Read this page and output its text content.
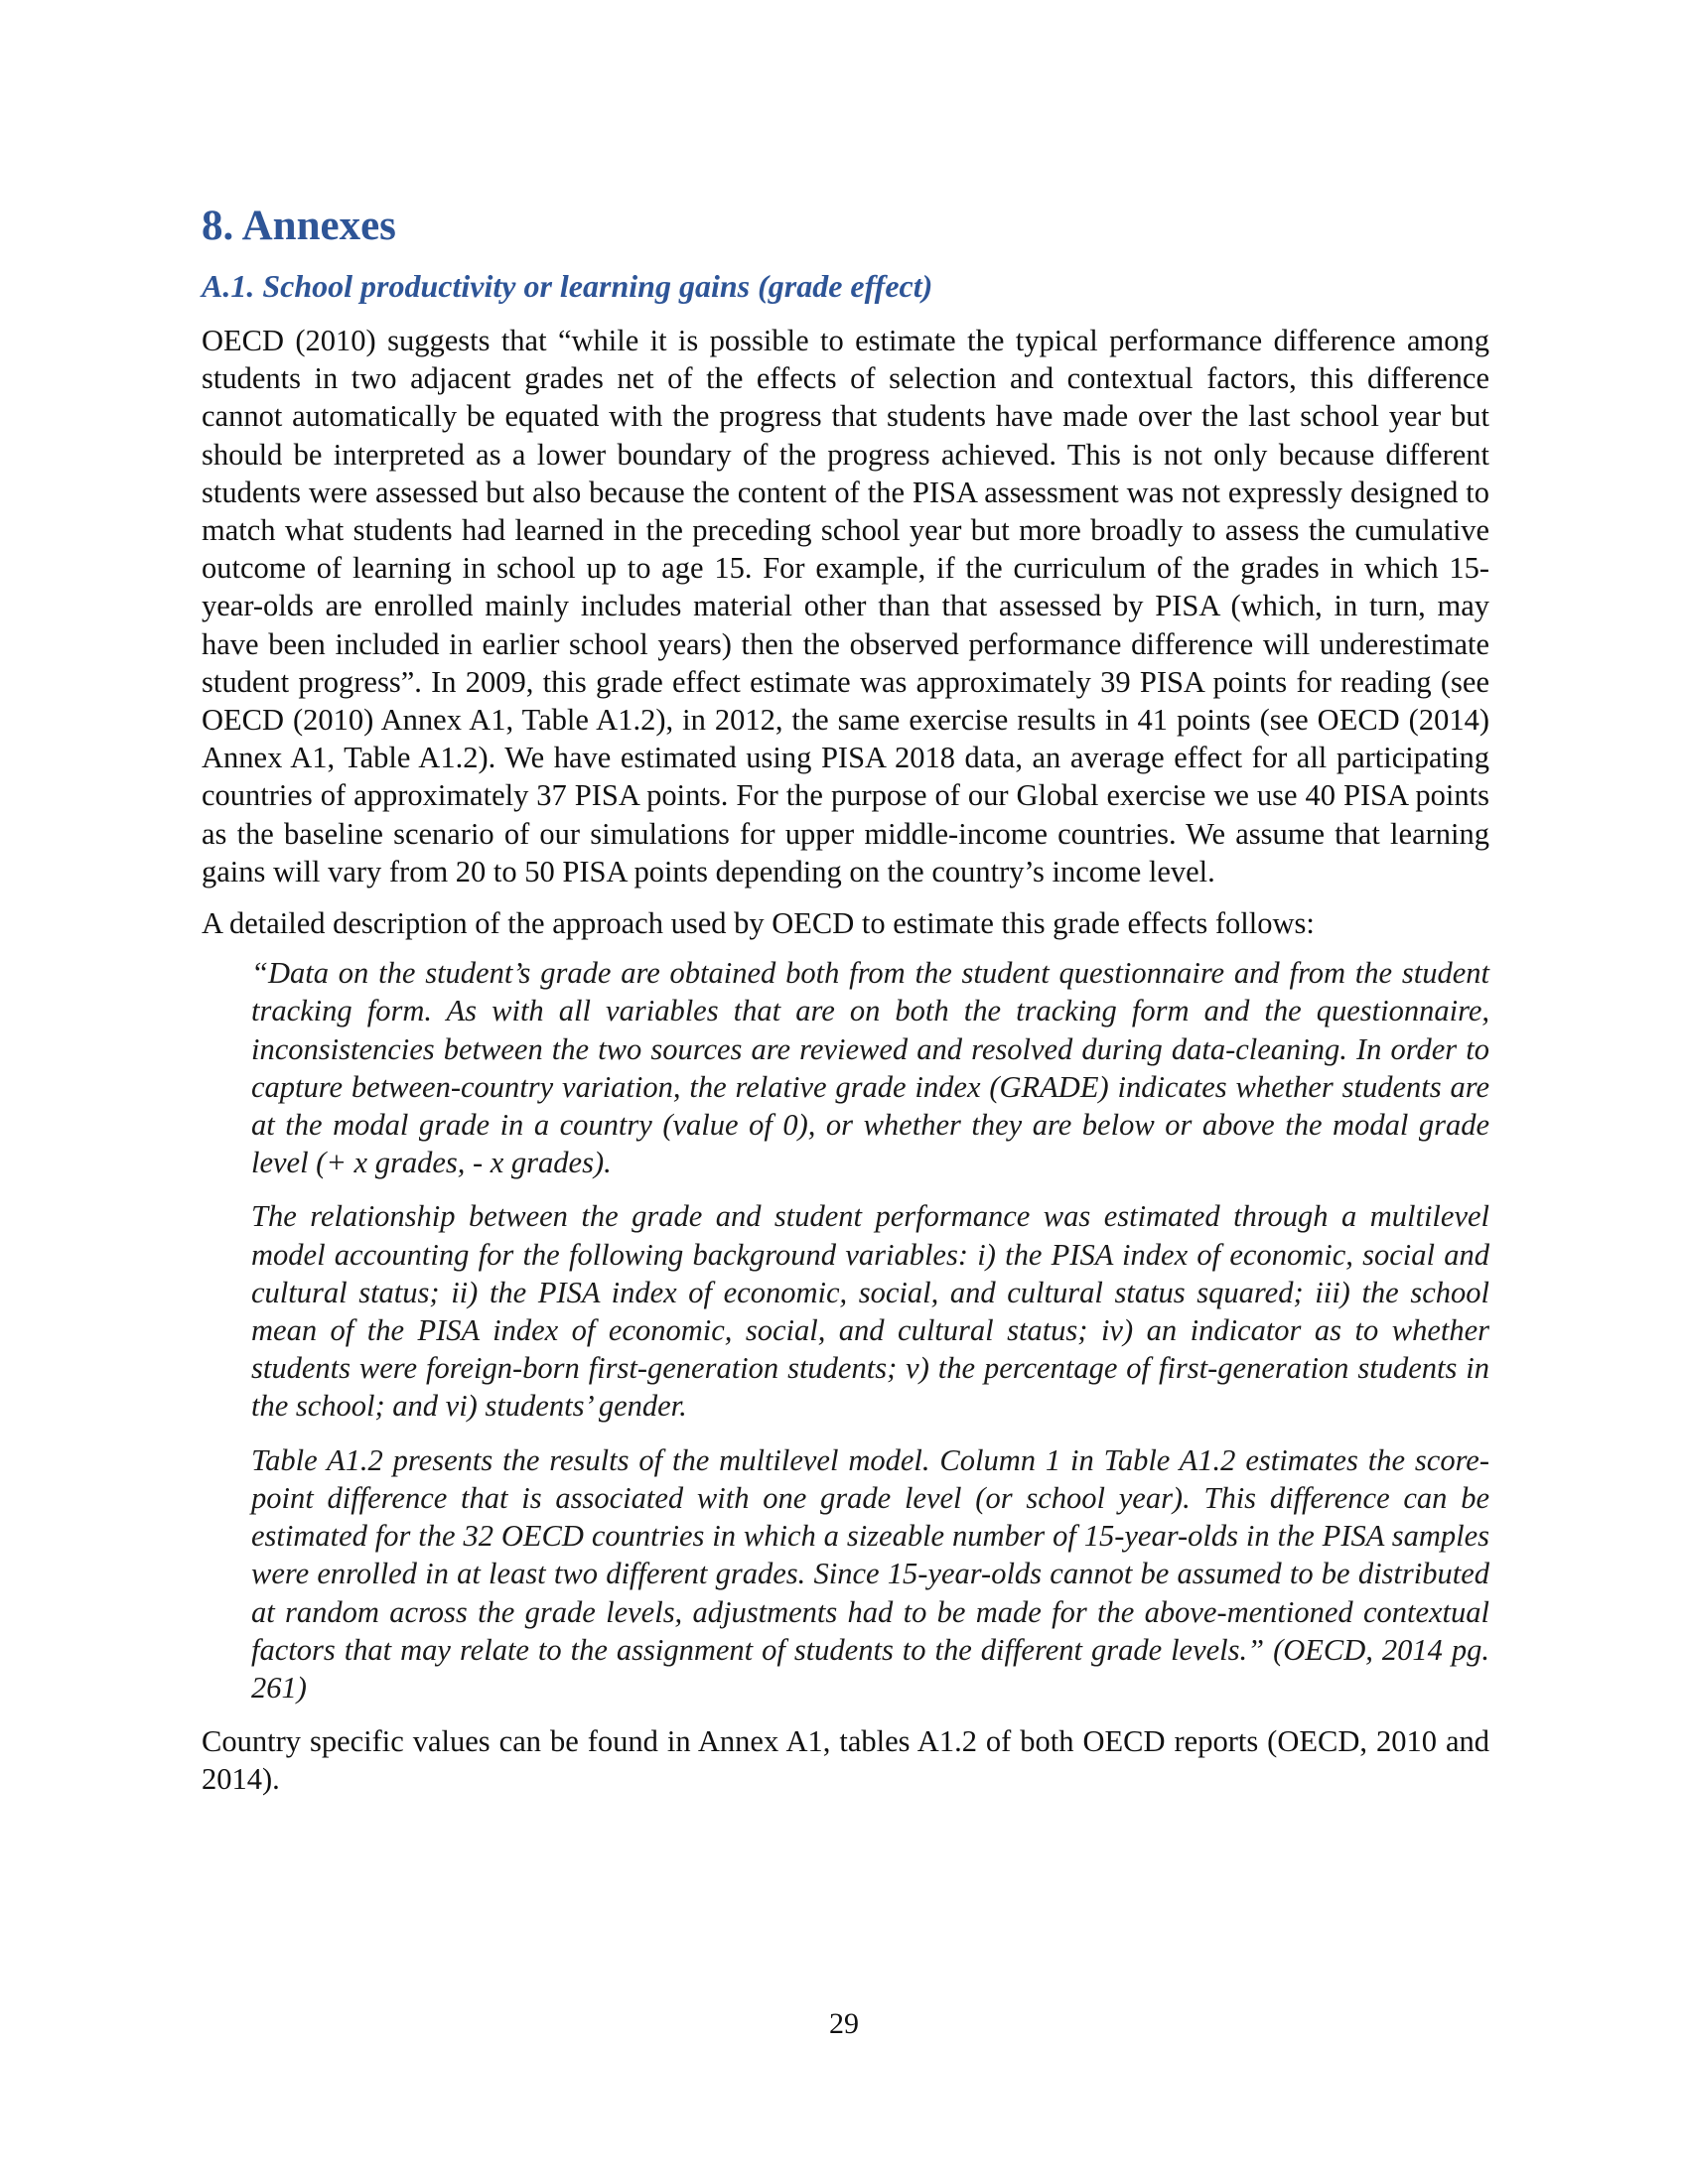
8. Annexes
A.1. School productivity or learning gains (grade effect)

OECD (2010) suggests that “while it is possible to estimate the typical performance difference among students in two adjacent grades net of the effects of selection and contextual factors, this difference cannot automatically be equated with the progress that students have made over the last school year but should be interpreted as a lower boundary of the progress achieved. This is not only because different students were assessed but also because the content of the PISA assessment was not expressly designed to match what students had learned in the preceding school year but more broadly to assess the cumulative outcome of learning in school up to age 15. For example, if the curriculum of the grades in which 15-year-olds are enrolled mainly includes material other than that assessed by PISA (which, in turn, may have been included in earlier school years) then the observed performance difference will underestimate student progress”. In 2009, this grade effect estimate was approximately 39 PISA points for reading (see OECD (2010) Annex A1, Table A1.2), in 2012, the same exercise results in 41 points (see OECD (2014) Annex A1, Table A1.2). We have estimated using PISA 2018 data, an average effect for all participating countries of approximately 37 PISA points. For the purpose of our Global exercise we use 40 PISA points as the baseline scenario of our simulations for upper middle-income countries. We assume that learning gains will vary from 20 to 50 PISA points depending on the country’s income level.

A detailed description of the approach used by OECD to estimate this grade effects follows:

“Data on the student’s grade are obtained both from the student questionnaire and from the student tracking form. As with all variables that are on both the tracking form and the questionnaire, inconsistencies between the two sources are reviewed and resolved during data-cleaning. In order to capture between-country variation, the relative grade index (GRADE) indicates whether students are at the modal grade in a country (value of 0), or whether they are below or above the modal grade level (+ x grades, - x grades).

The relationship between the grade and student performance was estimated through a multilevel model accounting for the following background variables: i) the PISA index of economic, social and cultural status; ii) the PISA index of economic, social, and cultural status squared; iii) the school mean of the PISA index of economic, social, and cultural status; iv) an indicator as to whether students were foreign-born first-generation students; v) the percentage of first-generation students in the school; and vi) students’ gender.

Table A1.2 presents the results of the multilevel model. Column 1 in Table A1.2 estimates the score-point difference that is associated with one grade level (or school year). This difference can be estimated for the 32 OECD countries in which a sizeable number of 15-year-olds in the PISA samples were enrolled in at least two different grades. Since 15-year-olds cannot be assumed to be distributed at random across the grade levels, adjustments had to be made for the above-mentioned contextual factors that may relate to the assignment of students to the different grade levels.” (OECD, 2014 pg. 261)

Country specific values can be found in Annex A1, tables A1.2 of both OECD reports (OECD, 2010 and 2014).

29
